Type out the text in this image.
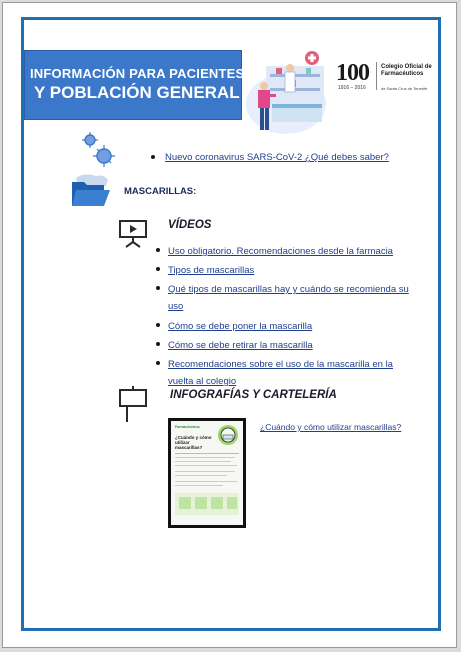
INFORMACIÓN PARA PACIENTES
Y POBLACIÓN GENERAL
100
1916 – 2016
Colegio Oficial de Farmacéuticos
de Santa Cruz de Tenerife
Nuevo coronavirus SARS-CoV-2 ¿Qué debes saber?
MASCARILLAS:
VÍDEOS
Uso obligatorio. Recomendaciones desde la farmacia
Tipos de mascarillas
Qué tipos de mascarillas hay y cuándo se recomienda su uso
Cómo se debe poner la mascarilla
Cómo se debe retirar la mascarilla
Recomendaciones sobre el uso de la mascarilla en la vuelta al colegio
INFOGRAFÍAS Y CARTELERÍA
Farmacéuticos
¿Cuándo y cómo utilizar mascarillas?
¿Cuándo y cómo utilizar mascarillas?
